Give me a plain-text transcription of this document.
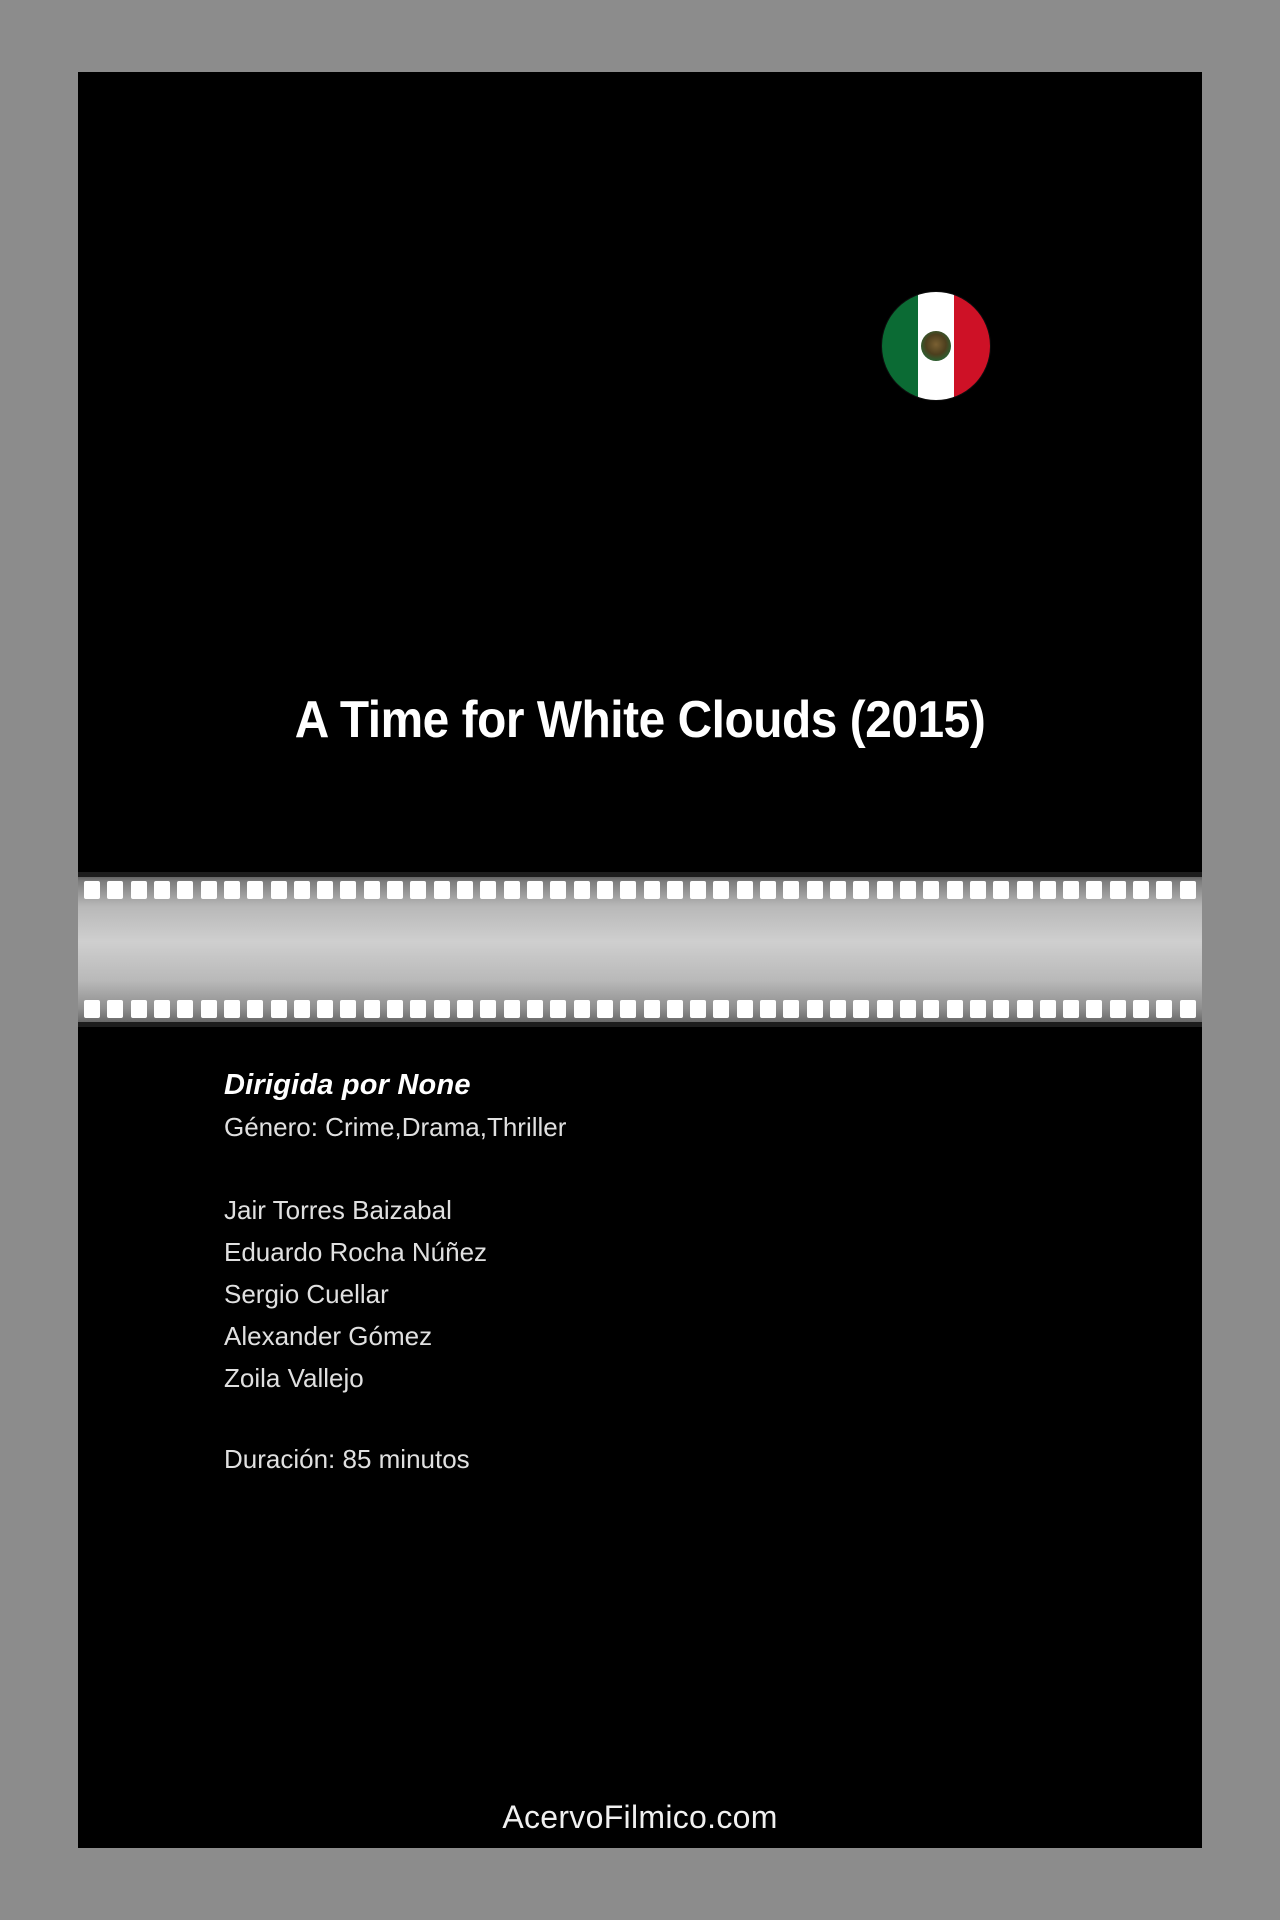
A Time for White Clouds (2015)

Dirigida por None

Género: Crime,Drama,Thriller

Jair Torres Baizabal
Eduardo Rocha Núñez
Sergio Cuellar
Alexander Gómez
Zoila Vallejo

Duración: 85 minutos

AcervoFilmico.com
